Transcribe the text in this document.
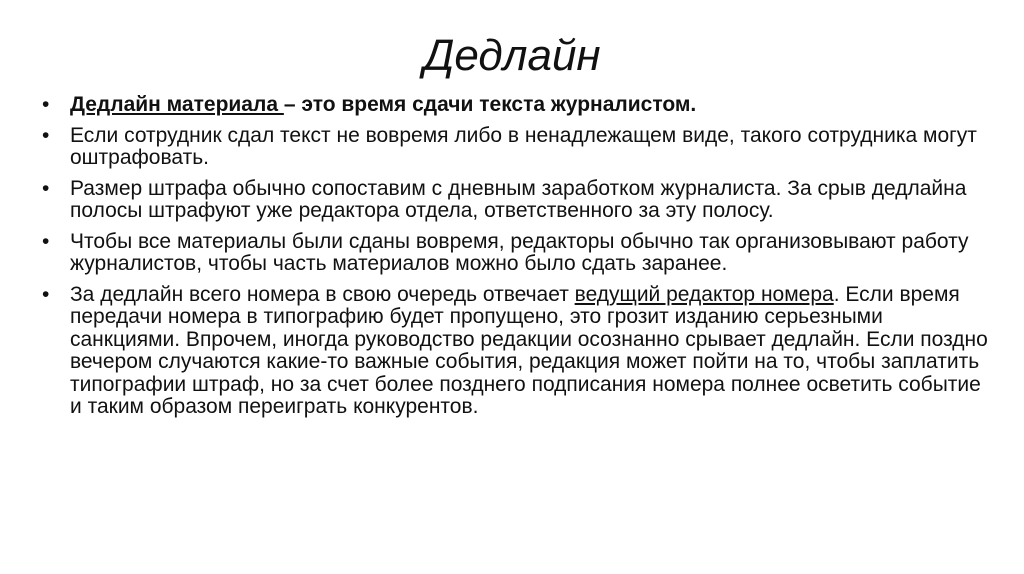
Дедлайн
• Дедлайн материала – это время сдачи текста журналистом.
• Если сотрудник сдал текст не вовремя либо в ненадлежащем виде, такого сотрудника могут оштрафовать.
• Размер штрафа обычно сопоставим с дневным заработком журналиста. За срыв дедлайна полосы штрафуют уже редактора отдела, ответственного за эту полосу.
• Чтобы все материалы были сданы вовремя, редакторы обычно так организовывают работу журналистов, чтобы часть материалов можно было сдать заранее.
• За дедлайн всего номера в свою очередь отвечает ведущий редактор номера. Если время передачи номера в типографию будет пропущено, это грозит изданию серьезными санкциями. Впрочем, иногда руководство редакции осознанно срывает дедлайн. Если поздно вечером случаются какие-то важные события, редакция может пойти на то, чтобы заплатить типографии штраф, но за счет более позднего подписания номера полнее осветить событие и таким образом переиграть конкурентов.
